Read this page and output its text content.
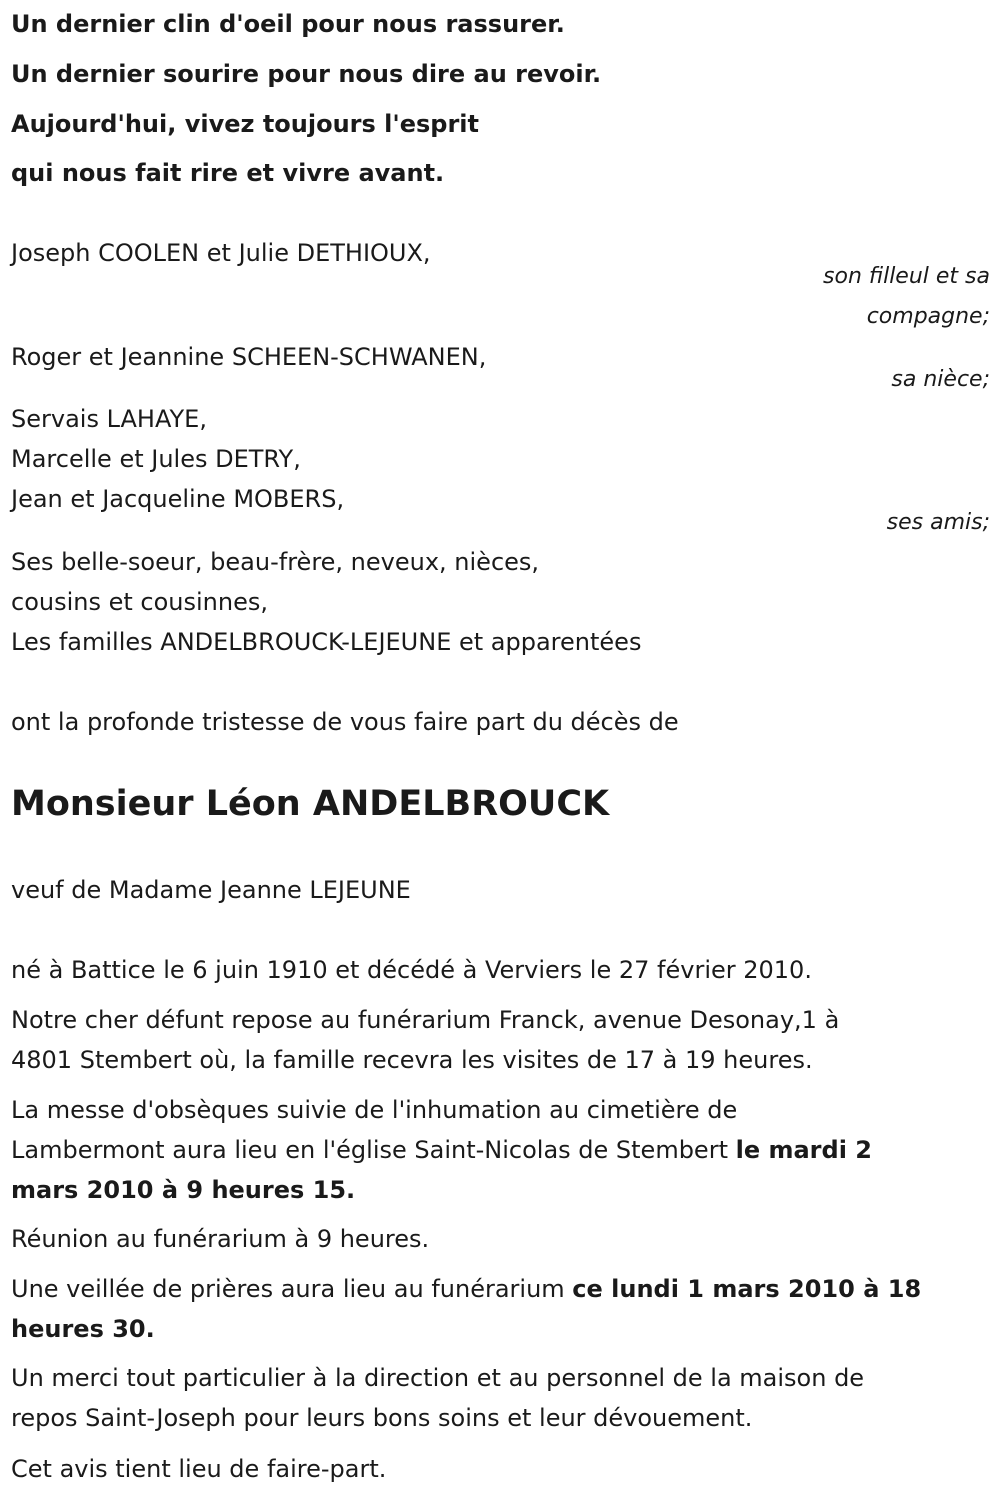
Un dernier clin d'oeil pour nous rassurer.
Un dernier sourire pour nous dire au revoir.
Aujourd'hui, vivez toujours l'esprit
qui nous fait rire et vivre avant.
Joseph COOLEN et Julie DETHIOUX,
son filleul et sa
compagne;
Roger et Jeannine SCHEEN-SCHWANEN,
sa nièce;
Servais LAHAYE,
Marcelle et Jules DETRY,
Jean et Jacqueline MOBERS,
ses amis;
Ses belle-soeur, beau-frère, neveux, nièces,
cousins et cousinnes,
Les familles ANDELBROUCK-LEJEUNE et apparentées
ont la profonde tristesse de vous faire part du décès de
Monsieur Léon ANDELBROUCK
veuf de Madame Jeanne LEJEUNE
né à Battice le 6 juin 1910 et décédé à Verviers le 27 février 2010.
Notre cher défunt repose au funérarium Franck, avenue Desonay,1 à
4801 Stembert où, la famille recevra les visites de 17 à 19 heures.
La messe d'obsèques suivie de l'inhumation au cimetière de
Lambermont aura lieu en l'église Saint-Nicolas de Stembert le mardi 2
mars 2010 à 9 heures 15.
Réunion au funérarium à 9 heures.
Une veillée de prières aura lieu au funérarium ce lundi 1 mars 2010 à 18
heures 30.
Un merci tout particulier à la direction et au personnel de la maison de
repos Saint-Joseph pour leurs bons soins et leur dévouement.
Cet avis tient lieu de faire-part.
